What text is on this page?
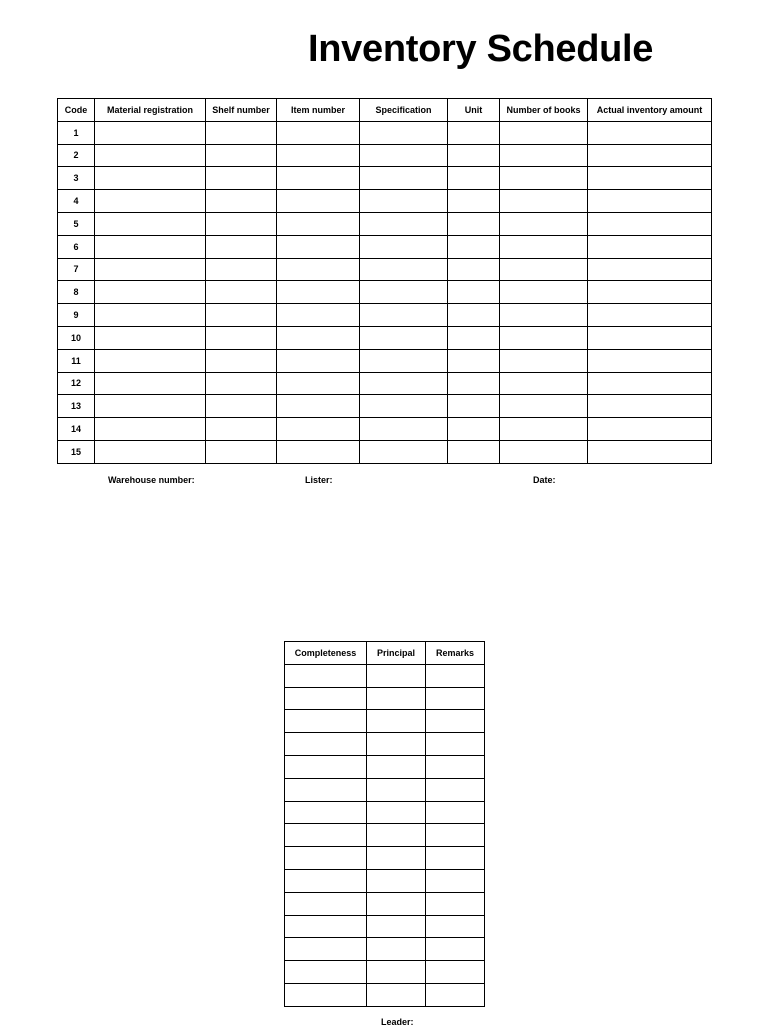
Inventory Schedule
Code	Material registration	Shelf number	Item number	Specification	Unit	Number of books	Actual inventory amount
1							
2							
3							
4							
5							
6							
7							
8							
9							
10							
11							
12							
13							
14							
15							
Warehouse number:	Lister:	Date:
Completeness	Principal	Remarks

Leader:
